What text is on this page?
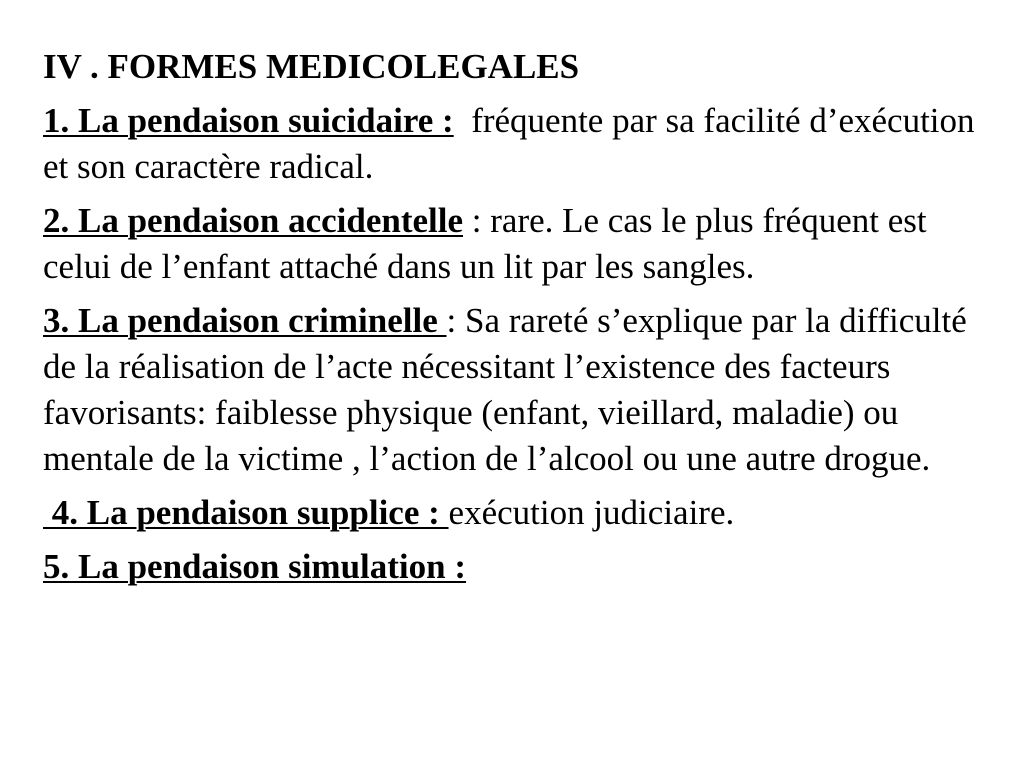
IV . FORMES MEDICOLEGALES
1. La pendaison suicidaire :  fréquente par sa facilité d’exécution et son caractère radical.
2. La pendaison accidentelle : rare. Le cas le plus fréquent est celui de l’enfant attaché dans un lit par les sangles.
3. La pendaison criminelle : Sa rareté s’explique par la difficulté de la réalisation de l’acte nécessitant l’existence des facteurs favorisants: faiblesse physique (enfant, vieillard, maladie) ou mentale de la victime , l’action de l’alcool ou une autre drogue.
4. La pendaison supplice : exécution judiciaire.
5. La pendaison simulation :
